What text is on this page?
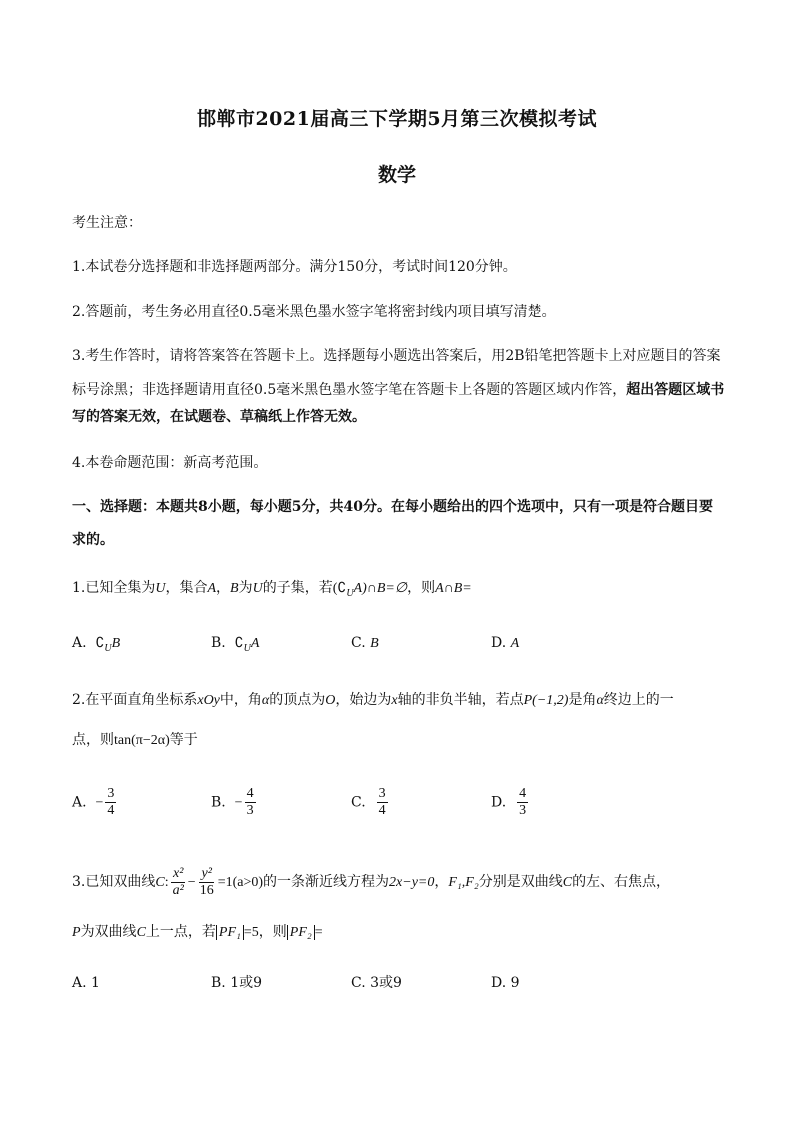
邯郸市2021届高三下学期5月第三次模拟考试
数学
考生注意：
1.本试卷分选择题和非选择题两部分。满分150分，考试时间120分钟。
2.答题前，考生务必用直径0.5毫米黑色墨水签字笔将密封线内项目填写清楚。
3.考生作答时，请将答案答在答题卡上。选择题每小题选出答案后，用2B铅笔把答题卡上对应题目的答案
标号涂黑；非选择题请用直径0.5毫米黑色墨水签字笔在答题卡上各题的答题区域内作答，超出答题区域书
写的答案无效，在试题卷、草稿纸上作答无效。
4.本卷命题范围：新高考范围。
一、选择题：本题共8小题，每小题5分，共40分。在每小题给出的四个选项中，只有一项是符合题目要
求的。
1.已知全集为U，集合A，B为U的子集，若$(∁_UA)\cap B=\emptyset$，则A∩B=
A. $∁_UB$	B. $∁_UA$	C. B	D. A
2.在平面直角坐标系xOy中，角α的顶点为O，始边为x轴的非负半轴，若点P(−1,2)是角α终边上的一
点，则tan(π−2α)等于
A. − $\frac{3}{4}$	B. − $\frac{4}{3}$	C. $\frac{3}{4}$	D. $\frac{4}{3}$
3.已知双曲线C: $\frac{\text{x²}}{\text{a²}} - \frac{\text{y²}}{16} =1(a>0)$的一条渐近线方程为2x−y=0，F₁,F₂分别是双曲线C的左、右焦点，
P为双曲线C上一点，若 PF₁ =5，则 PF₂ =
A. 1	B. 1或9	C. 3或9	D. 9
